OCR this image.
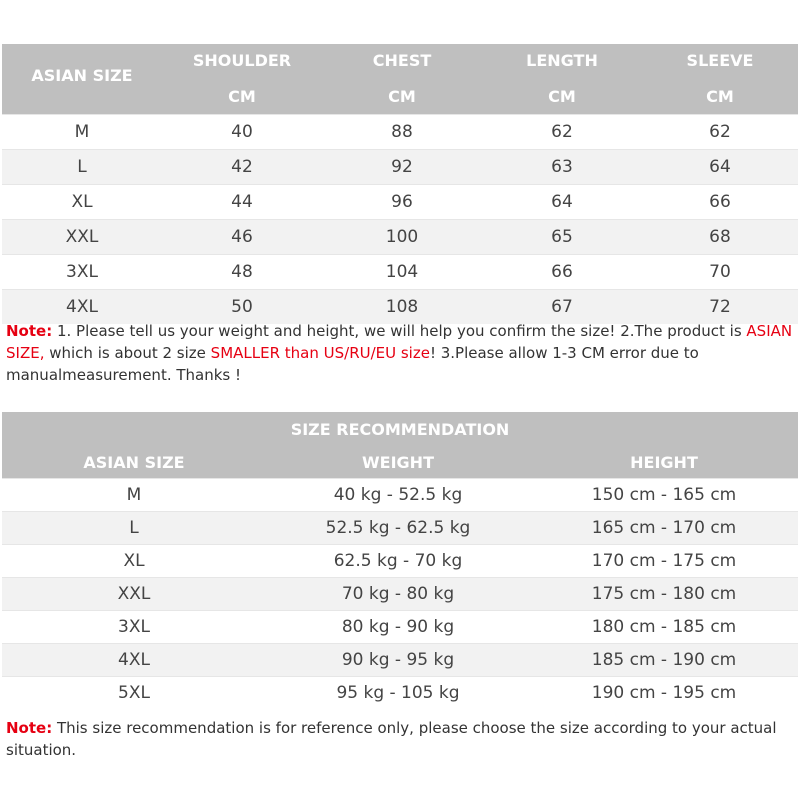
ASIAN SIZE
SHOULDER	CHEST	LENGTH	SLEEVE
CM	CM	CM	CM
M	40	88	62	62
L	42	92	63	64
XL	44	96	64	66
XXL	46	100	65	68
3XL	48	104	66	70
4XL	50	108	67	72
Note: 1. Please tell us your weight and height, we will help you confirm the size! 2.The product is ASIAN SIZE, which is about 2 size SMALLER than US/RU/EU size! 3.Please allow 1-3 CM error due to manualmeasurement. Thanks !
SIZE RECOMMENDATION
ASIAN SIZE	WEIGHT	HEIGHT
M	40 kg - 52.5 kg	150 cm - 165 cm
L	52.5 kg - 62.5 kg	165 cm - 170 cm
XL	62.5 kg - 70 kg	170 cm - 175 cm
XXL	70 kg - 80 kg	175 cm - 180 cm
3XL	80 kg - 90 kg	180 cm - 185 cm
4XL	90 kg - 95 kg	185 cm - 190 cm
5XL	95 kg - 105 kg	190 cm - 195 cm
Note: This size recommendation is for reference only, please choose the size according to your actual situation.
